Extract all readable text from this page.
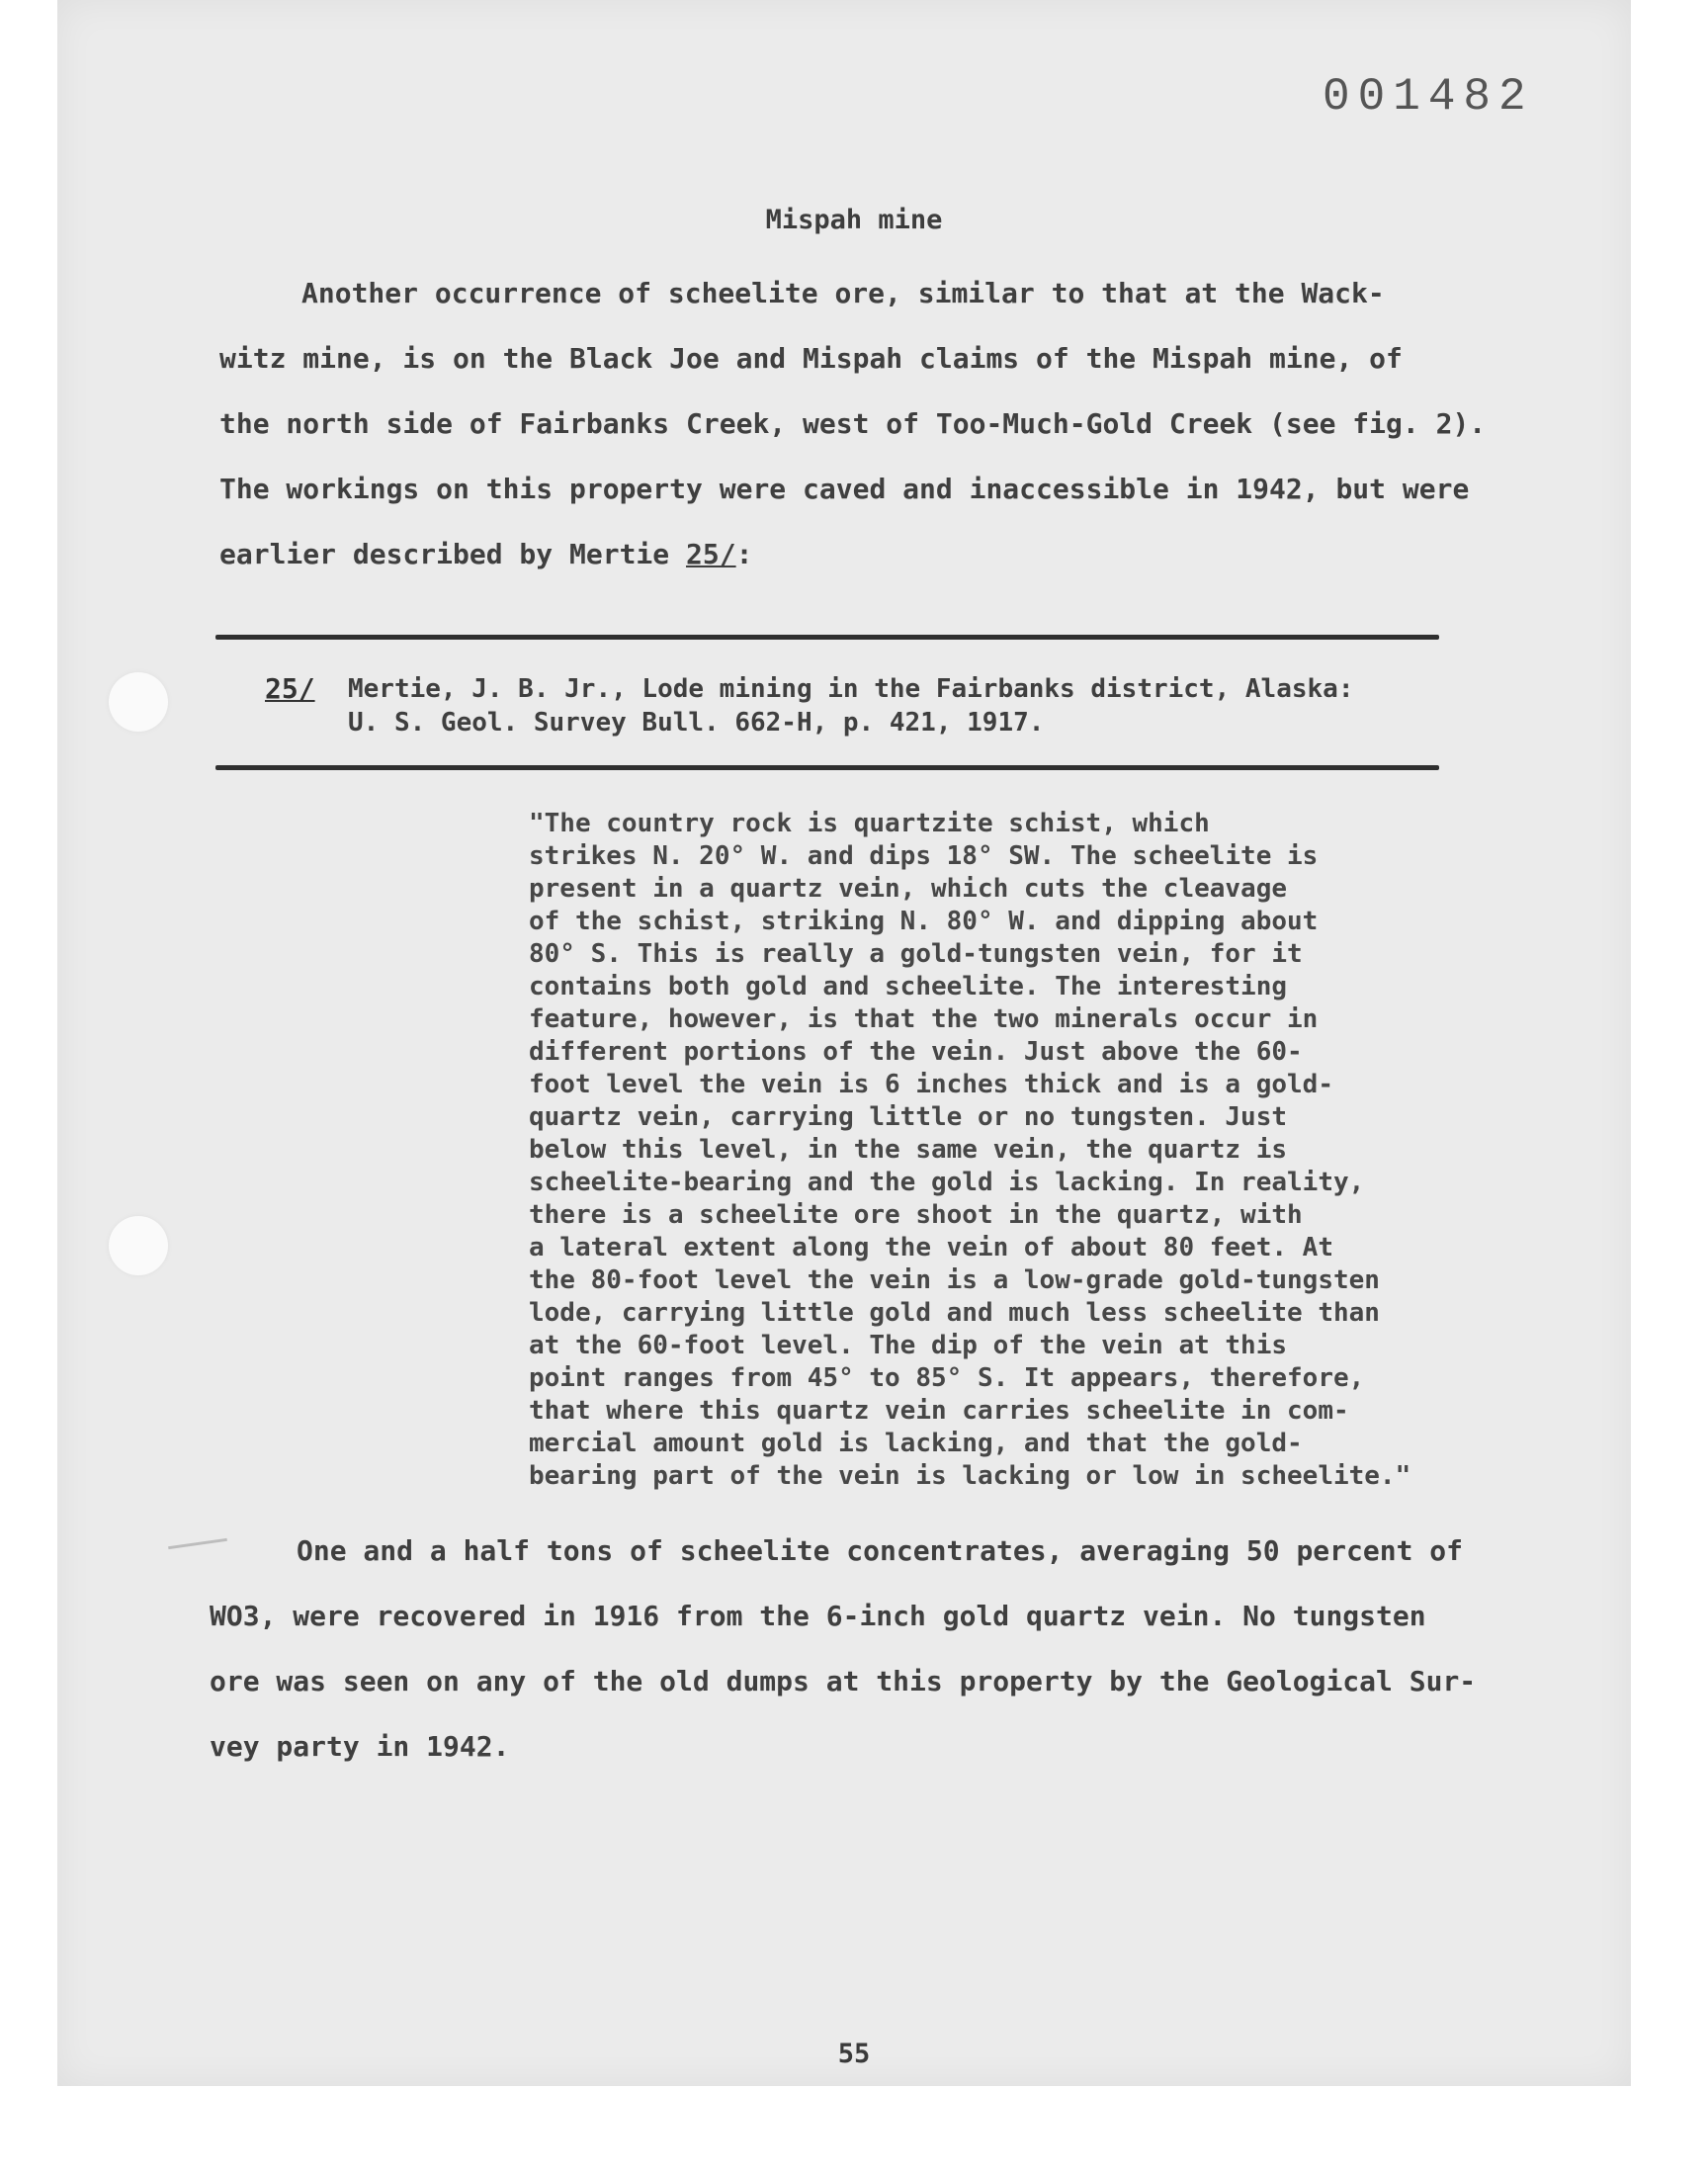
001482
Mispah mine
Another occurrence of scheelite ore, similar to that at the Wack-
witz mine, is on the Black Joe and Mispah claims of the Mispah mine, of
the north side of Fairbanks Creek, west of Too-Much-Gold Creek (see fig. 2).
The workings on this property were caved and inaccessible in 1942, but were
earlier described by Mertie 25/:
25/ Mertie, J. B. Jr., Lode mining in the Fairbanks district, Alaska:
U. S. Geol. Survey Bull. 662-H, p. 421, 1917.
"The country rock is quartzite schist, which
strikes N. 20° W. and dips 18° SW. The scheelite is
present in a quartz vein, which cuts the cleavage
of the schist, striking N. 80° W. and dipping about
80° S. This is really a gold-tungsten vein, for it
contains both gold and scheelite. The interesting
feature, however, is that the two minerals occur in
different portions of the vein. Just above the 60-
foot level the vein is 6 inches thick and is a gold-
quartz vein, carrying little or no tungsten. Just
below this level, in the same vein, the quartz is
scheelite-bearing and the gold is lacking. In reality,
there is a scheelite ore shoot in the quartz, with
a lateral extent along the vein of about 80 feet. At
the 80-foot level the vein is a low-grade gold-tungsten
lode, carrying little gold and much less scheelite than
at the 60-foot level. The dip of the vein at this
point ranges from 45° to 85° S. It appears, therefore,
that where this quartz vein carries scheelite in com-
mercial amount gold is lacking, and that the gold-
bearing part of the vein is lacking or low in scheelite."
One and a half tons of scheelite concentrates, averaging 50 percent of
WO3, were recovered in 1916 from the 6-inch gold quartz vein. No tungsten
ore was seen on any of the old dumps at this property by the Geological Sur-
vey party in 1942.
55
